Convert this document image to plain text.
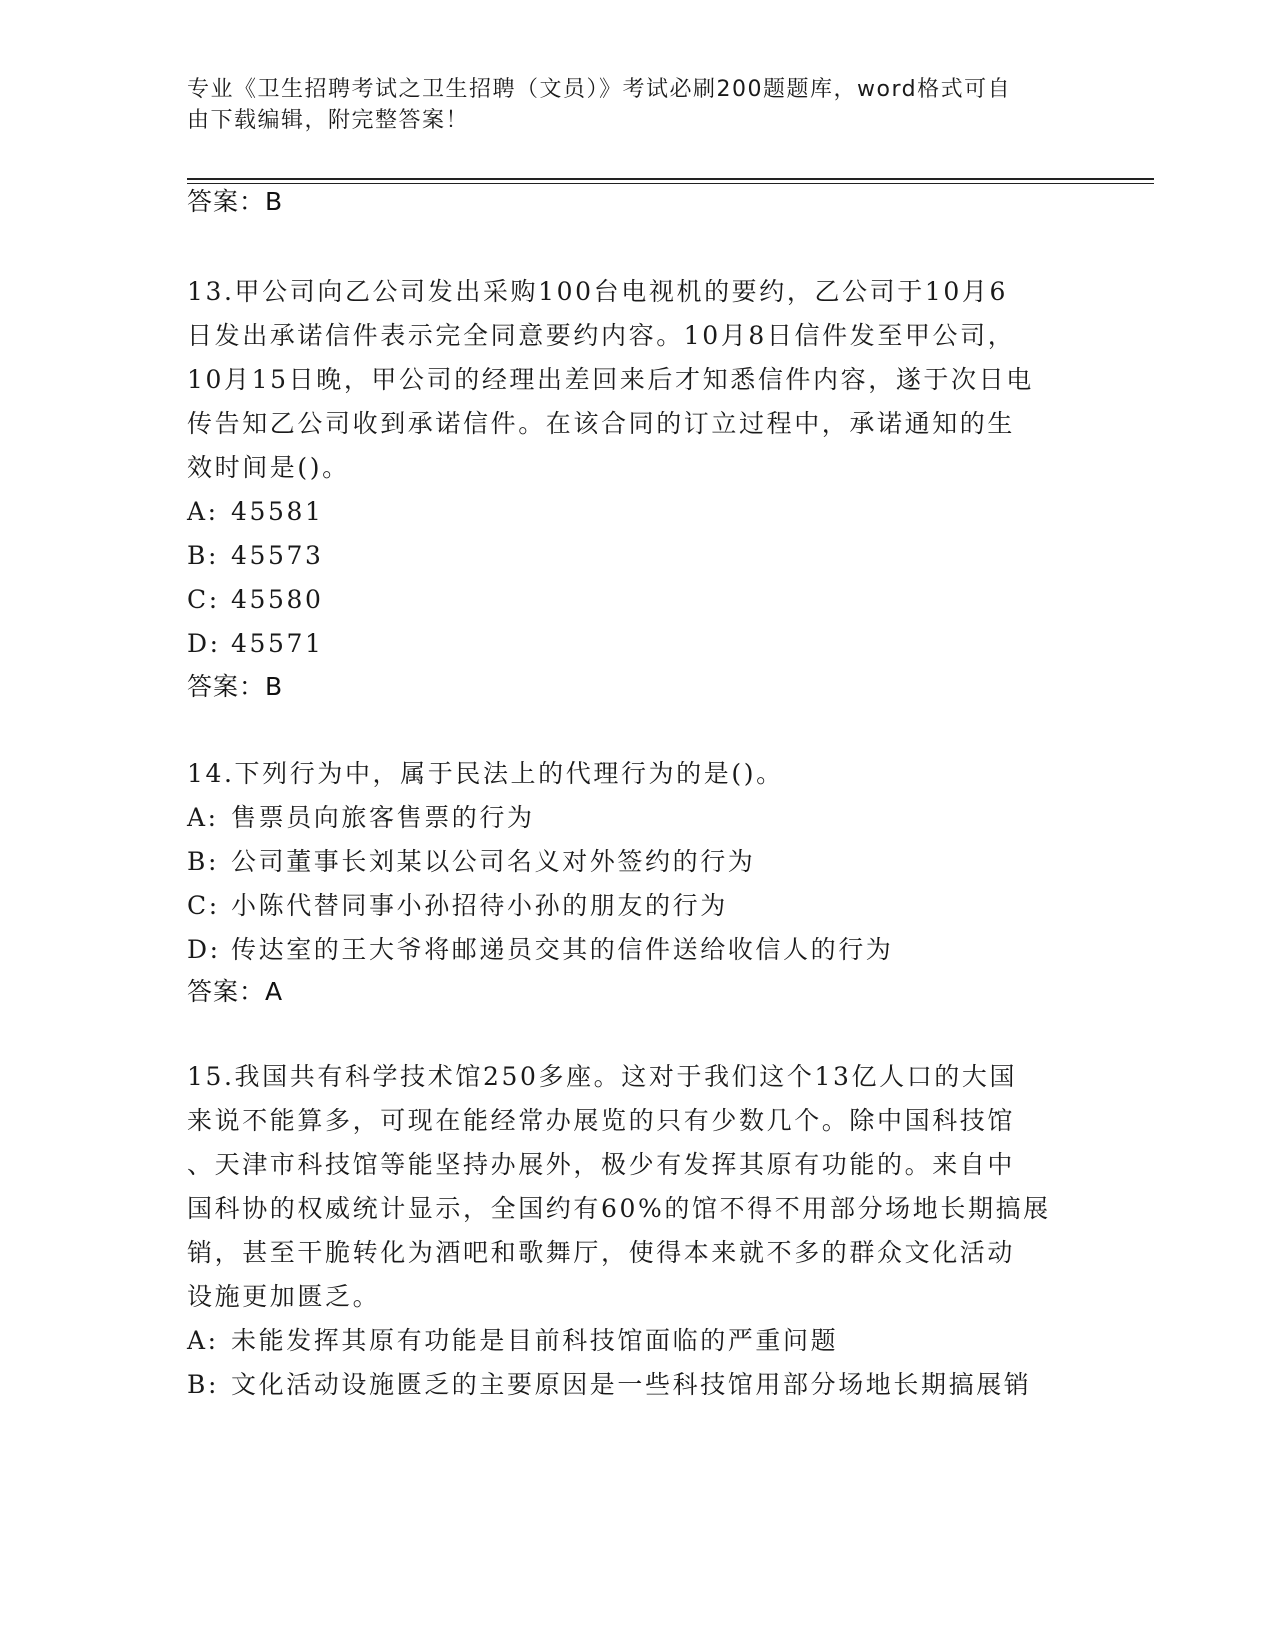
专业《卫生招聘考试之卫生招聘（文员）》考试必刷200题题库，word格式可自
由下载编辑，附完整答案！
答案：B
13.甲公司向乙公司发出采购100台电视机的要约，乙公司于10月6
日发出承诺信件表示完全同意要约内容。10月8日信件发至甲公司，
10月15日晚，甲公司的经理出差回来后才知悉信件内容，遂于次日电
传告知乙公司收到承诺信件。在该合同的订立过程中，承诺通知的生
效时间是()。
A: 45581
B: 45573
C: 45580
D: 45571
答案：B
14.下列行为中，属于民法上的代理行为的是()。
A: 售票员向旅客售票的行为
B: 公司董事长刘某以公司名义对外签约的行为
C: 小陈代替同事小孙招待小孙的朋友的行为
D: 传达室的王大爷将邮递员交其的信件送给收信人的行为
答案：A
15.我国共有科学技术馆250多座。这对于我们这个13亿人口的大国
来说不能算多，可现在能经常办展览的只有少数几个。除中国科技馆
、天津市科技馆等能坚持办展外，极少有发挥其原有功能的。来自中
国科协的权威统计显示，全国约有60%的馆不得不用部分场地长期搞展
销，甚至干脆转化为酒吧和歌舞厅，使得本来就不多的群众文化活动
设施更加匮乏。
A: 未能发挥其原有功能是目前科技馆面临的严重问题
B: 文化活动设施匮乏的主要原因是一些科技馆用部分场地长期搞展销
